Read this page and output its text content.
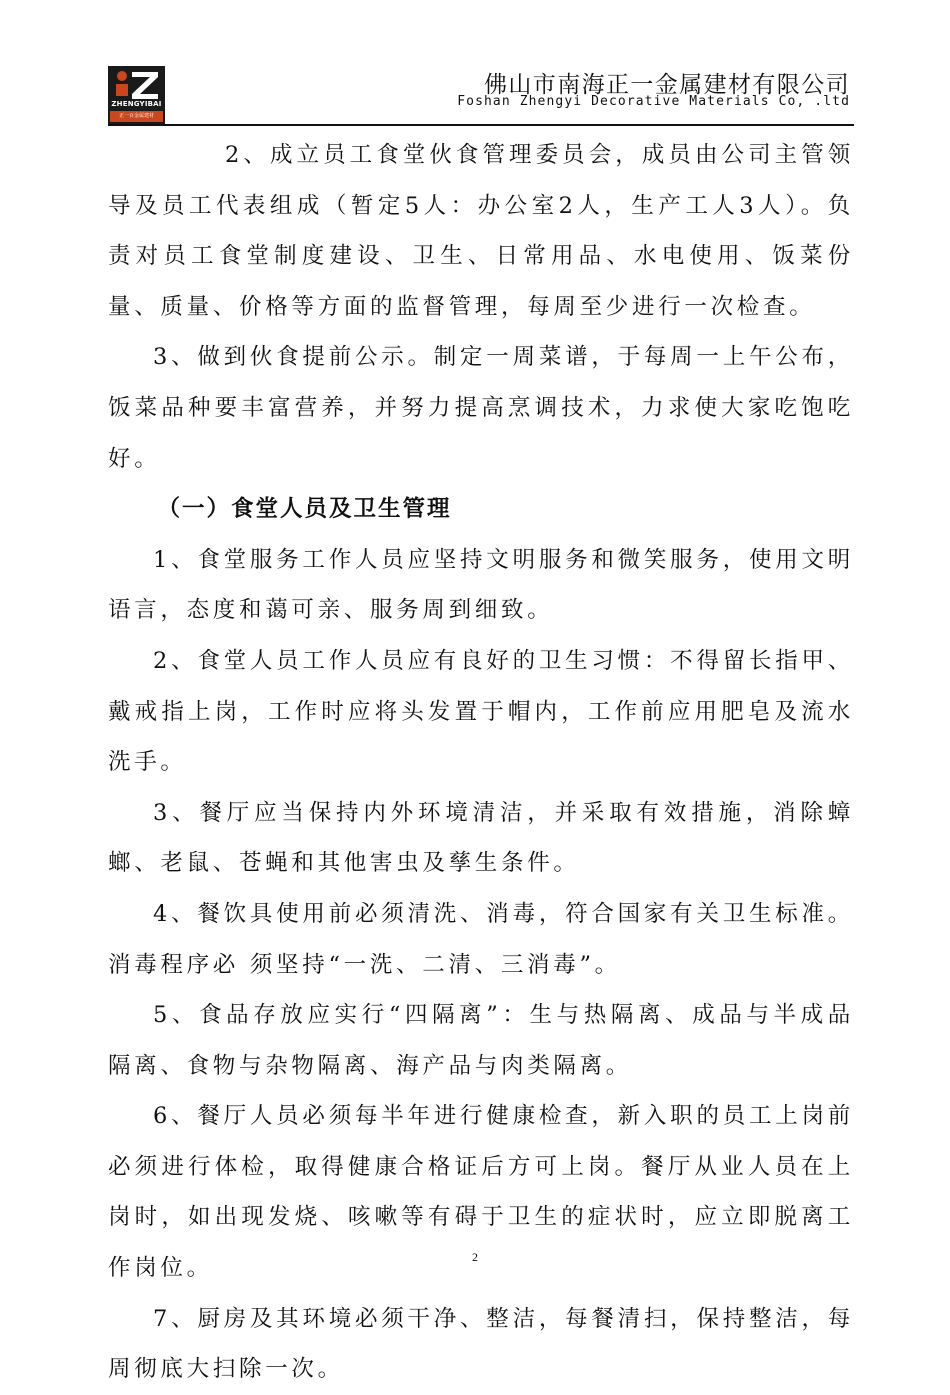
ZHENGYIBAI
正一百金属建材
佛山市南海正一金属建材有限公司
Foshan Zhengyi Decorative Materials Co, .ltd

2、成立员工食堂伙食管理委员会，成员由公司主管领导及员工代表组成（暂定5人：办公室2人，生产工人3人）。负责对员工食堂制度建设、卫生、日常用品、水电使用、饭菜份量、质量、价格等方面的监督管理，每周至少进行一次检查。

3、做到伙食提前公示。制定一周菜谱，于每周一上午公布，饭菜品种要丰富营养，并努力提高烹调技术，力求使大家吃饱吃好。

（一）食堂人员及卫生管理

1、食堂服务工作人员应坚持文明服务和微笑服务，使用文明语言，态度和蔼可亲、服务周到细致。

2、食堂人员工作人员应有良好的卫生习惯：不得留长指甲、戴戒指上岗，工作时应将头发置于帽内，工作前应用肥皂及流水洗手。

3、餐厅应当保持内外环境清洁，并采取有效措施，消除蟑螂、老鼠、苍蝇和其他害虫及孳生条件。

4、餐饮具使用前必须清洗、消毒，符合国家有关卫生标准。消毒程序必 须坚持“一洗、二清、三消毒”。

5、食品存放应实行“四隔离”：生与热隔离、成品与半成品隔离、食物与杂物隔离、海产品与肉类隔离。

6、餐厅人员必须每半年进行健康检查，新入职的员工上岗前必须进行体检，取得健康合格证后方可上岗。餐厅从业人员在上岗时，如出现发烧、咳嗽等有碍于卫生的症状时，应立即脱离工作岗位。

7、厨房及其环境必须干净、整洁，每餐清扫，保持整洁，每周彻底大扫除一次。

2
